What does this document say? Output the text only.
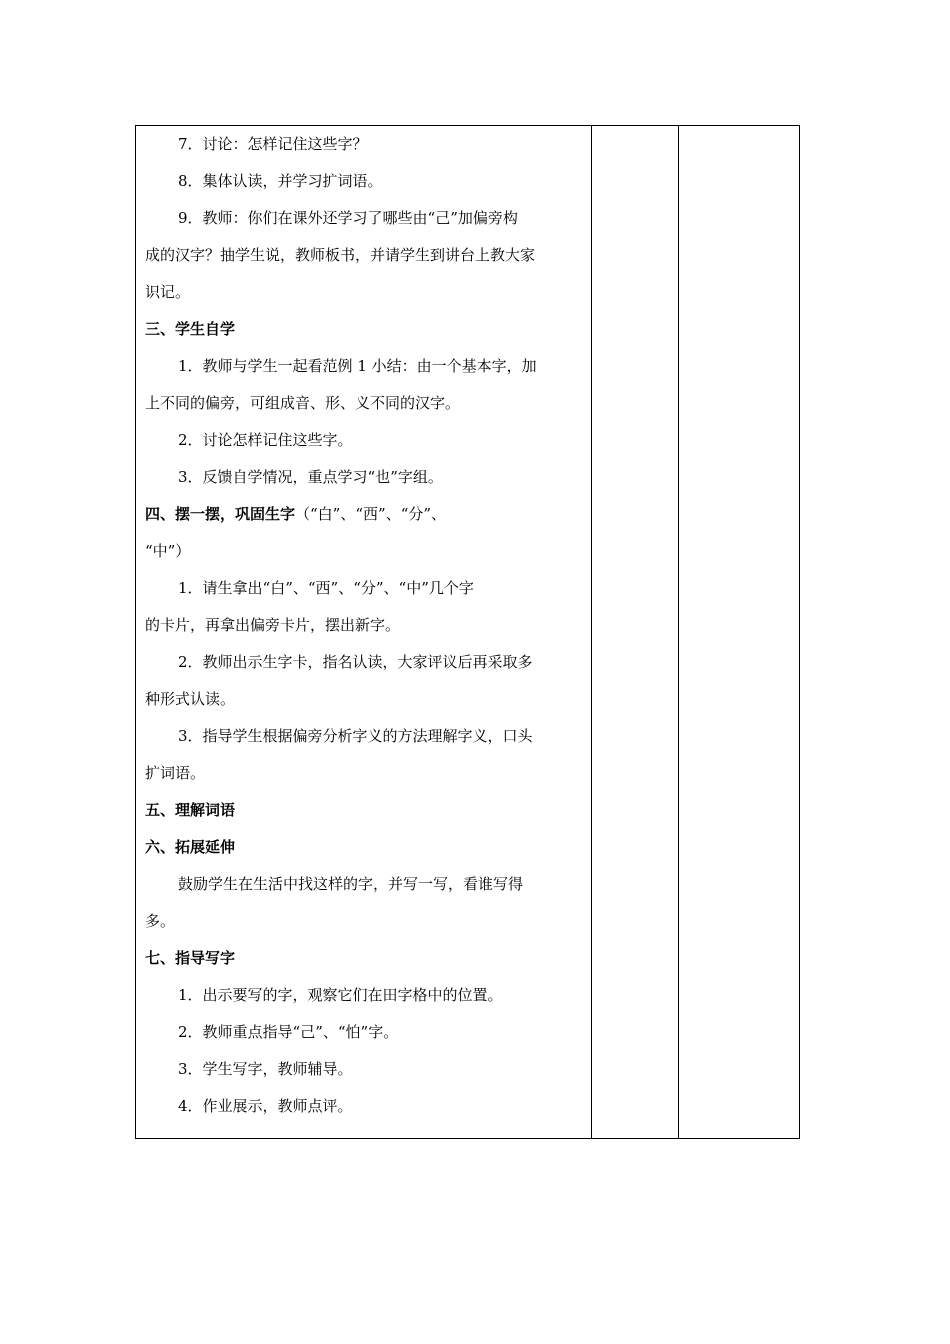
7．讨论：怎样记住这些字？
8．集体认读，并学习扩词语。
9．教师：你们在课外还学习了哪些由“己”加偏旁构
成的汉字？抽学生说，教师板书，并请学生到讲台上教大家
识记。
三、学生自学
1．教师与学生一起看范例 1 小结：由一个基本字，加
上不同的偏旁，可组成音、形、义不同的汉字。
2．讨论怎样记住这些字。
3．反馈自学情况，重点学习“也”字组。
四、摆一摆，巩固生字（“白”、“西”、“分”、
“中”）
1．请生拿出“白”、“西”、“分”、“中”几个字
的卡片，再拿出偏旁卡片，摆出新字。
2．教师出示生字卡，指名认读，大家评议后再采取多
种形式认读。
3．指导学生根据偏旁分析字义的方法理解字义，口头
扩词语。
五、理解词语
六、拓展延伸
鼓励学生在生活中找这样的字，并写一写，看谁写得
多。
七、指导写字
1．出示要写的字，观察它们在田字格中的位置。
2．教师重点指导“己”、“怕”字。
3．学生写字，教师辅导。
4．作业展示，教师点评。
